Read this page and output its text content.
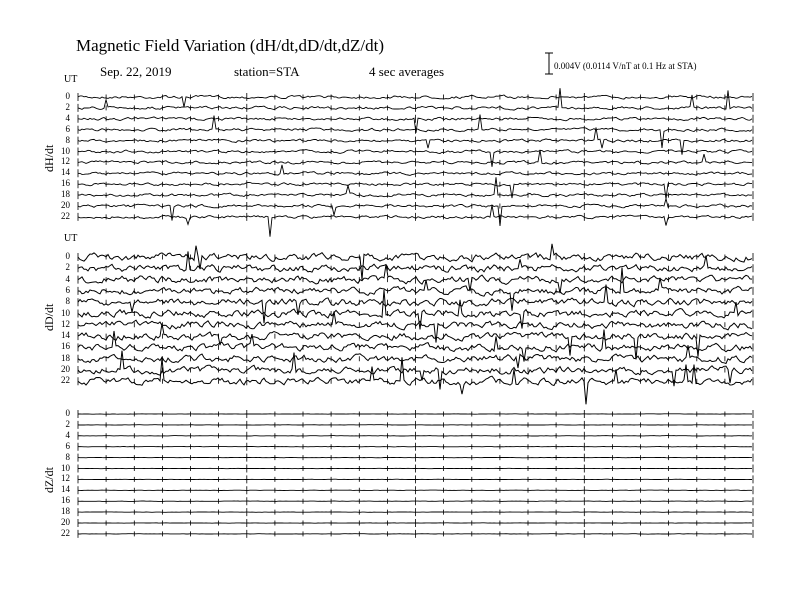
Magnetic Field Variation (dH/dt,dD/dt,dZ/dt)
Sep. 22, 2019	station=STA	4 sec averages	0.004V (0.0114 V/nT at 0.1 Hz at STA)
UT
UT
dH/dt
dD/dt
dZ/dt
0
2
4
6
8
10
12
14
16
18
20
22
0
2
4
6
8
10
12
14
16
18
20
22
0
2
4
6
8
10
12
14
16
18
20
22
